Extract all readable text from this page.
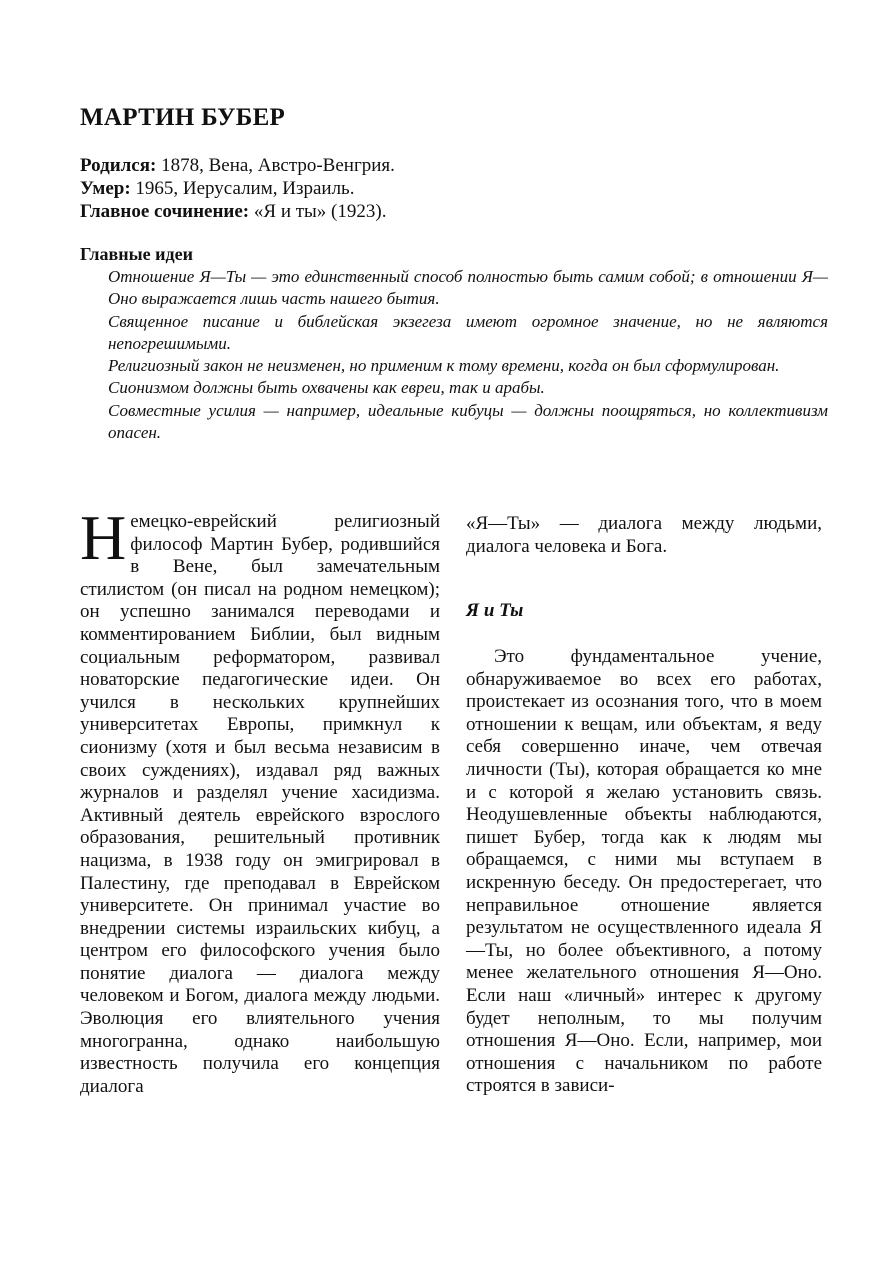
МАРТИН БУБЕР
Родился: 1878, Вена, Австро-Венгрия.
Умер: 1965, Иерусалим, Израиль.
Главное сочинение: «Я и ты» (1923).
Главные идеи

Отношение Я—Ты — это единственный способ полностью быть самим собой; в отношении Я—Оно выражается лишь часть нашего бытия.

Священное писание и библейская экзегеза имеют огромное значение, но не являются непогрешимыми.

Религиозный закон не неизменен, но применим к тому времени, когда он был сформулирован.

Сионизмом должны быть охвачены как евреи, так и арабы.

Совместные усилия — например, идеальные кибуцы — должны поощряться, но коллективизм опасен.

Немецко-еврейский религиозный философ Мартин Бубер, родившийся в Вене, был замечательным стилистом (он писал на родном немецком); он успешно занимался переводами и комментированием Библии, был видным социальным реформатором, развивал новаторские педагогические идеи. Он учился в нескольких крупнейших университетах Европы, примкнул к сионизму (хотя и был весьма независим в своих суждениях), издавал ряд важных журналов и разделял учение хасидизма. Активный деятель еврейского взрослого образования, решительный противник нацизма, в 1938 году он эмигрировал в Палестину, где преподавал в Еврейском университете. Он принимал участие во внедрении системы израильских кибуц, а центром его философского учения было понятие диалога — диалога между человеком и Богом, диалога между людьми. Эволюция его влиятельного учения многогранна, однако наибольшую известность получила его концепция диалога

«Я—Ты» — диалога между людьми, диалога человека и Бога.

Я и Ты

Это фундаментальное учение, обнаруживаемое во всех его работах, проистекает из осознания того, что в моем отношении к вещам, или объектам, я веду себя совершенно иначе, чем отвечая личности (Ты), которая обращается ко мне и с которой я желаю установить связь. Неодушевленные объекты наблюдаются, пишет Бубер, тогда как к людям мы обращаемся, с ними мы вступаем в искренную беседу. Он предостерегает, что неправильное отношение является результатом не осуществленного идеала Я—Ты, но более объективного, а потому менее желательного отношения Я—Оно. Если наш «личный» интерес к другому будет неполным, то мы получим отношения Я—Оно. Если, например, мои отношения с начальником по работе строятся в зависи-
